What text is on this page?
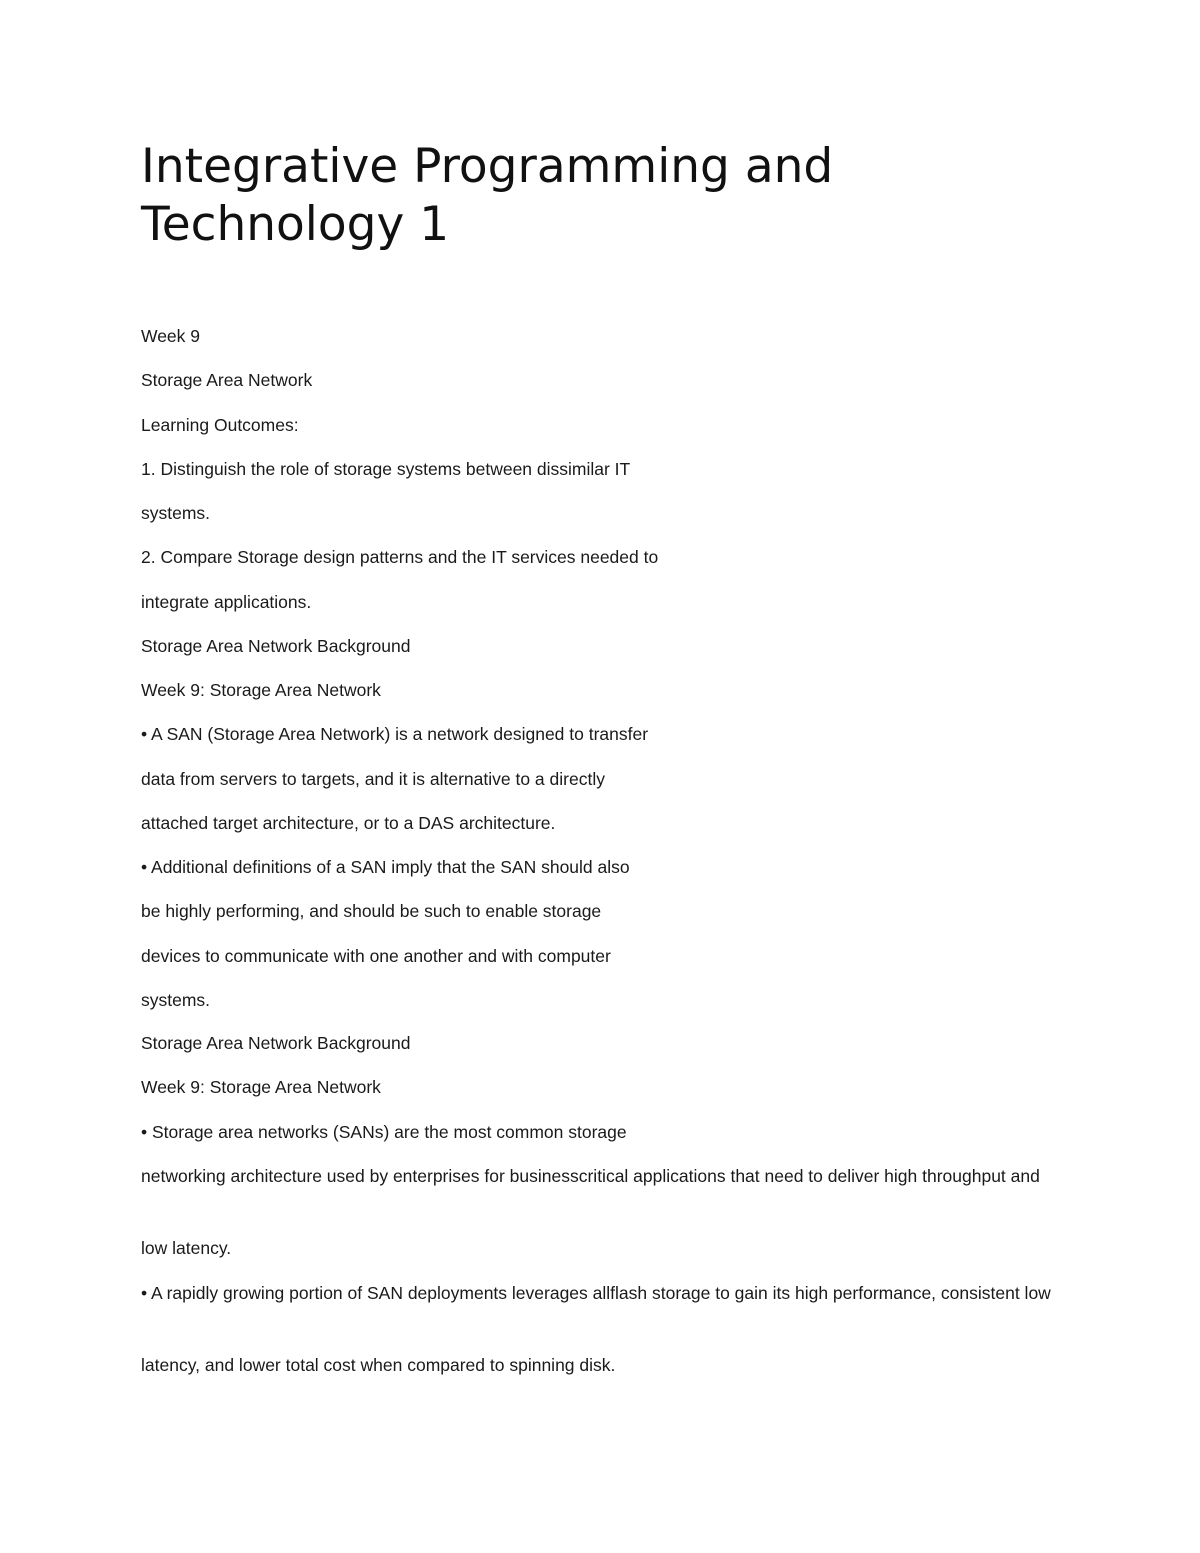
Integrative Programming and
Technology 1

Week 9

Storage Area Network

Learning Outcomes:

1. Distinguish the role of storage systems between dissimilar IT

systems.

2. Compare Storage design patterns and the IT services needed to

integrate applications.

Storage Area Network Background

Week 9: Storage Area Network

• A SAN (Storage Area Network) is a network designed to transfer

data from servers to targets, and it is alternative to a directly

attached target architecture, or to a DAS architecture.

• Additional definitions of a SAN imply that the SAN should also

be highly performing, and should be such to enable storage

devices to communicate with one another and with computer

systems.

Storage Area Network Background

Week 9: Storage Area Network

• Storage area networks (SANs) are the most common storage

networking architecture used by enterprises for businesscritical applications that need to deliver high throughput and

low latency.

• A rapidly growing portion of SAN deployments leverages allflash storage to gain its high performance, consistent low

latency, and lower total cost when compared to spinning disk.
